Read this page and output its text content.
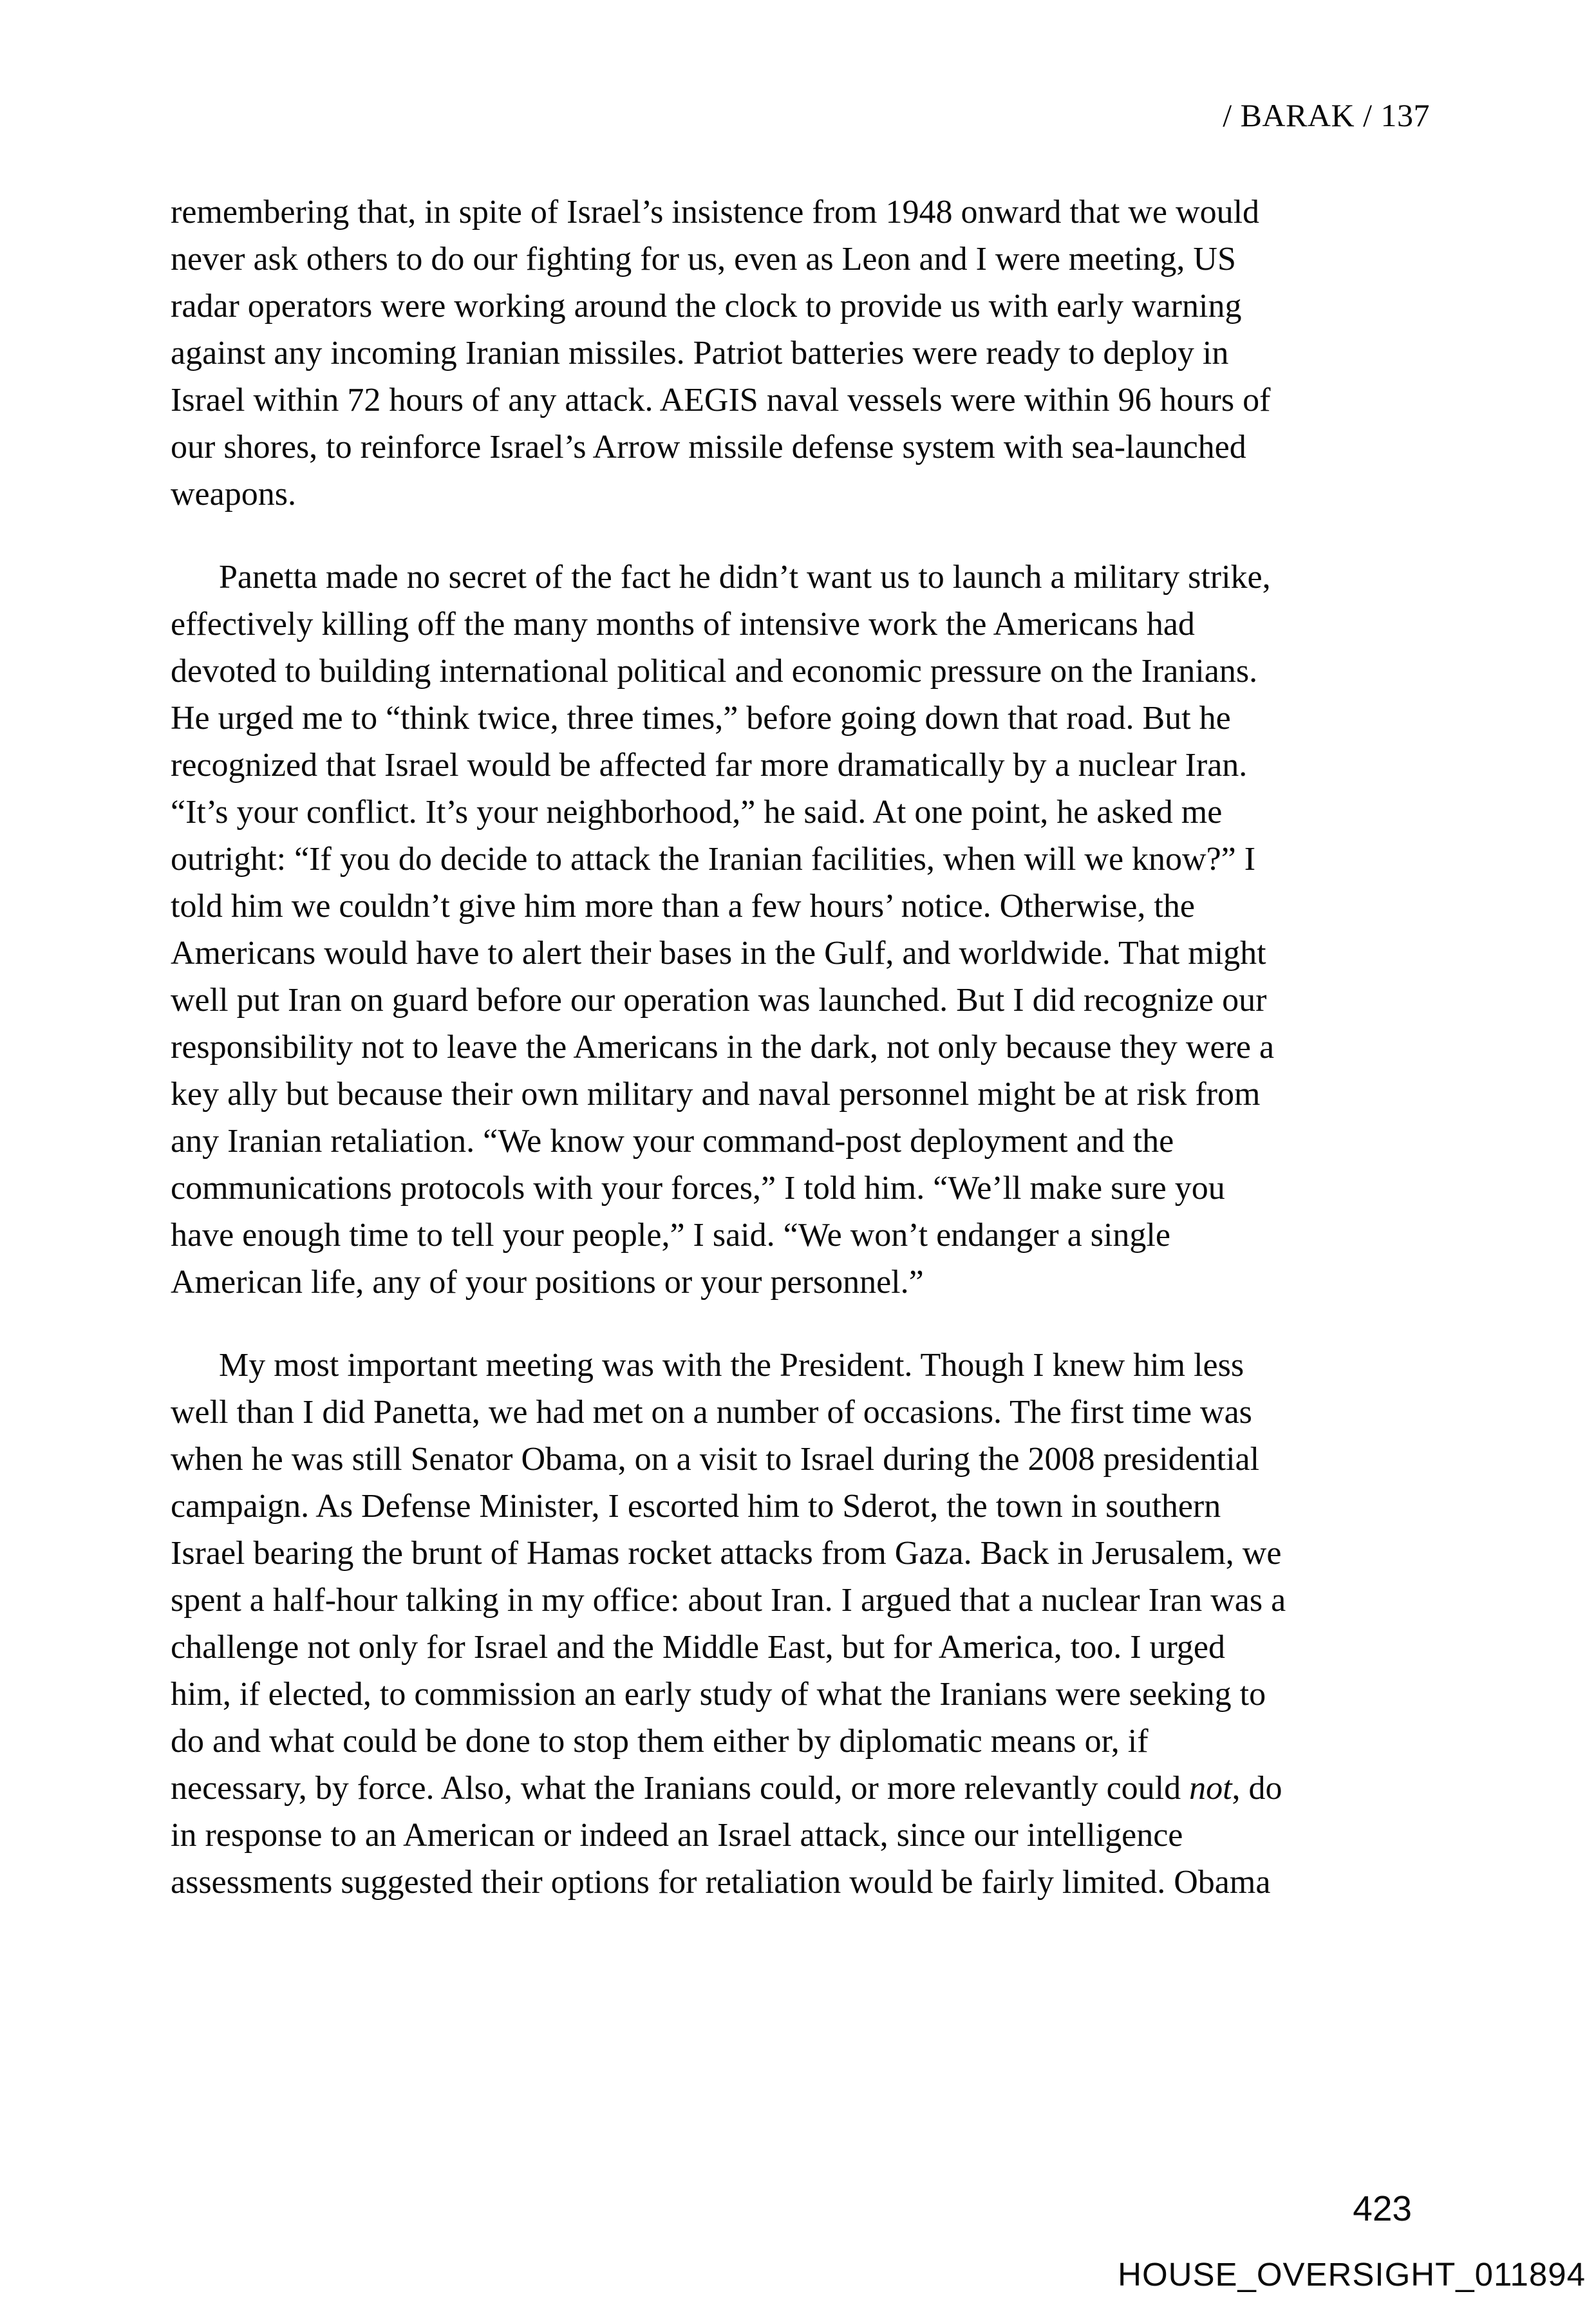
/ BARAK / 137

remembering that, in spite of Israel’s insistence from 1948 onward that we would
never ask others to do our fighting for us, even as Leon and I were meeting, US
radar operators were working around the clock to provide us with early warning
against any incoming Iranian missiles. Patriot batteries were ready to deploy in
Israel within 72 hours of any attack. AEGIS naval vessels were within 96 hours of
our shores, to reinforce Israel’s Arrow missile defense system with sea-launched
weapons.

Panetta made no secret of the fact he didn’t want us to launch a military strike,
effectively killing off the many months of intensive work the Americans had
devoted to building international political and economic pressure on the Iranians.
He urged me to “think twice, three times,” before going down that road. But he
recognized that Israel would be affected far more dramatically by a nuclear Iran.
“It’s your conflict. It’s your neighborhood,” he said. At one point, he asked me
outright: “If you do decide to attack the Iranian facilities, when will we know?” I
told him we couldn’t give him more than a few hours’ notice. Otherwise, the
Americans would have to alert their bases in the Gulf, and worldwide. That might
well put Iran on guard before our operation was launched. But I did recognize our
responsibility not to leave the Americans in the dark, not only because they were a
key ally but because their own military and naval personnel might be at risk from
any Iranian retaliation. “We know your command-post deployment and the
communications protocols with your forces,” I told him. “We’ll make sure you
have enough time to tell your people,” I said. “We won’t endanger a single
American life, any of your positions or your personnel.”

My most important meeting was with the President. Though I knew him less
well than I did Panetta, we had met on a number of occasions. The first time was
when he was still Senator Obama, on a visit to Israel during the 2008 presidential
campaign. As Defense Minister, I escorted him to Sderot, the town in southern
Israel bearing the brunt of Hamas rocket attacks from Gaza. Back in Jerusalem, we
spent a half-hour talking in my office: about Iran. I argued that a nuclear Iran was a
challenge not only for Israel and the Middle East, but for America, too. I urged
him, if elected, to commission an early study of what the Iranians were seeking to
do and what could be done to stop them either by diplomatic means or, if
necessary, by force. Also, what the Iranians could, or more relevantly could not, do
in response to an American or indeed an Israel attack, since our intelligence
assessments suggested their options for retaliation would be fairly limited. Obama

423
HOUSE_OVERSIGHT_011894
